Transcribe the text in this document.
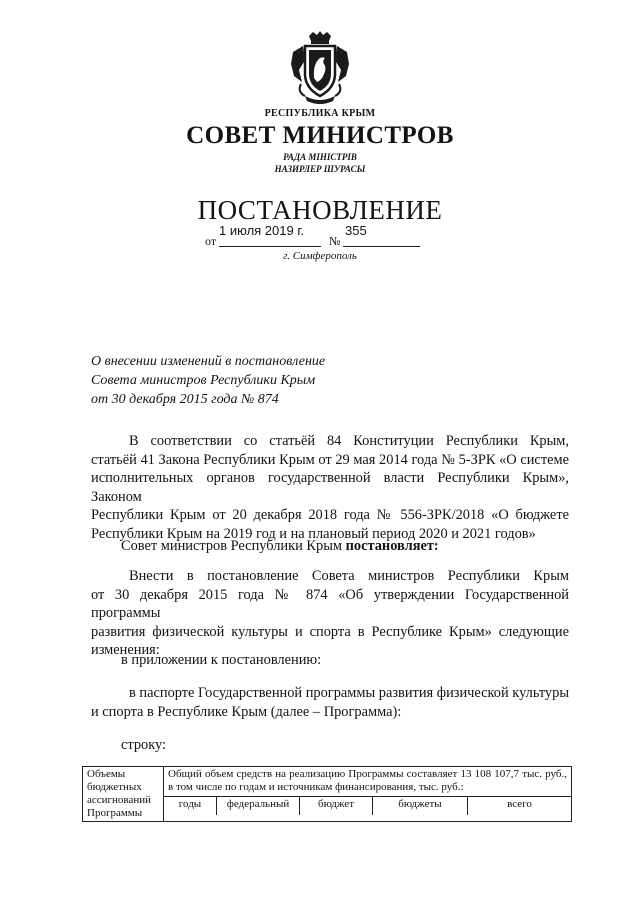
РЕСПУБЛИКА КРЫМ
СОВЕТ МИНИСТРОВ
РАДА МІНІСТРІВ
НАЗИРЛЕР ШУРАСЫ
ПОСТАНОВЛЕНИЕ
от
1 июля 2019 г.
№
355
г. Симферополь
О внесении изменений в постановление
Совета министров Республики Крым
от 30 декабря 2015 года № 874
В соответствии со статьёй 84 Конституции Республики Крым,
статьёй 41 Закона Республики Крым от 29 мая 2014 года № 5-ЗРК «О системе
исполнительных органов государственной власти Республики Крым», Законом
Республики Крым от 20 декабря 2018 года № 556-ЗРК/2018 «О бюджете
Республики Крым на 2019 год и на плановый период 2020 и 2021 годов»
Совет министров Республики Крым постановляет:
Внести в постановление Совета министров Республики Крым
от 30 декабря 2015 года № 874 «Об утверждении Государственной программы
развития физической культуры и спорта в Республике Крым» следующие
изменения:
в приложении к постановлению:
в паспорте Государственной программы развития физической культуры
и спорта в Республике Крым (далее – Программа):
строку:
Объемы бюджетных ассигнований Программы	
Общий объем средств на реализацию Программы составляет 13 108 107,7 тыс. руб., в том числе по годам и источникам финансирования, тыс. руб.:
годы	федеральный	бюджет	бюджеты	всего
